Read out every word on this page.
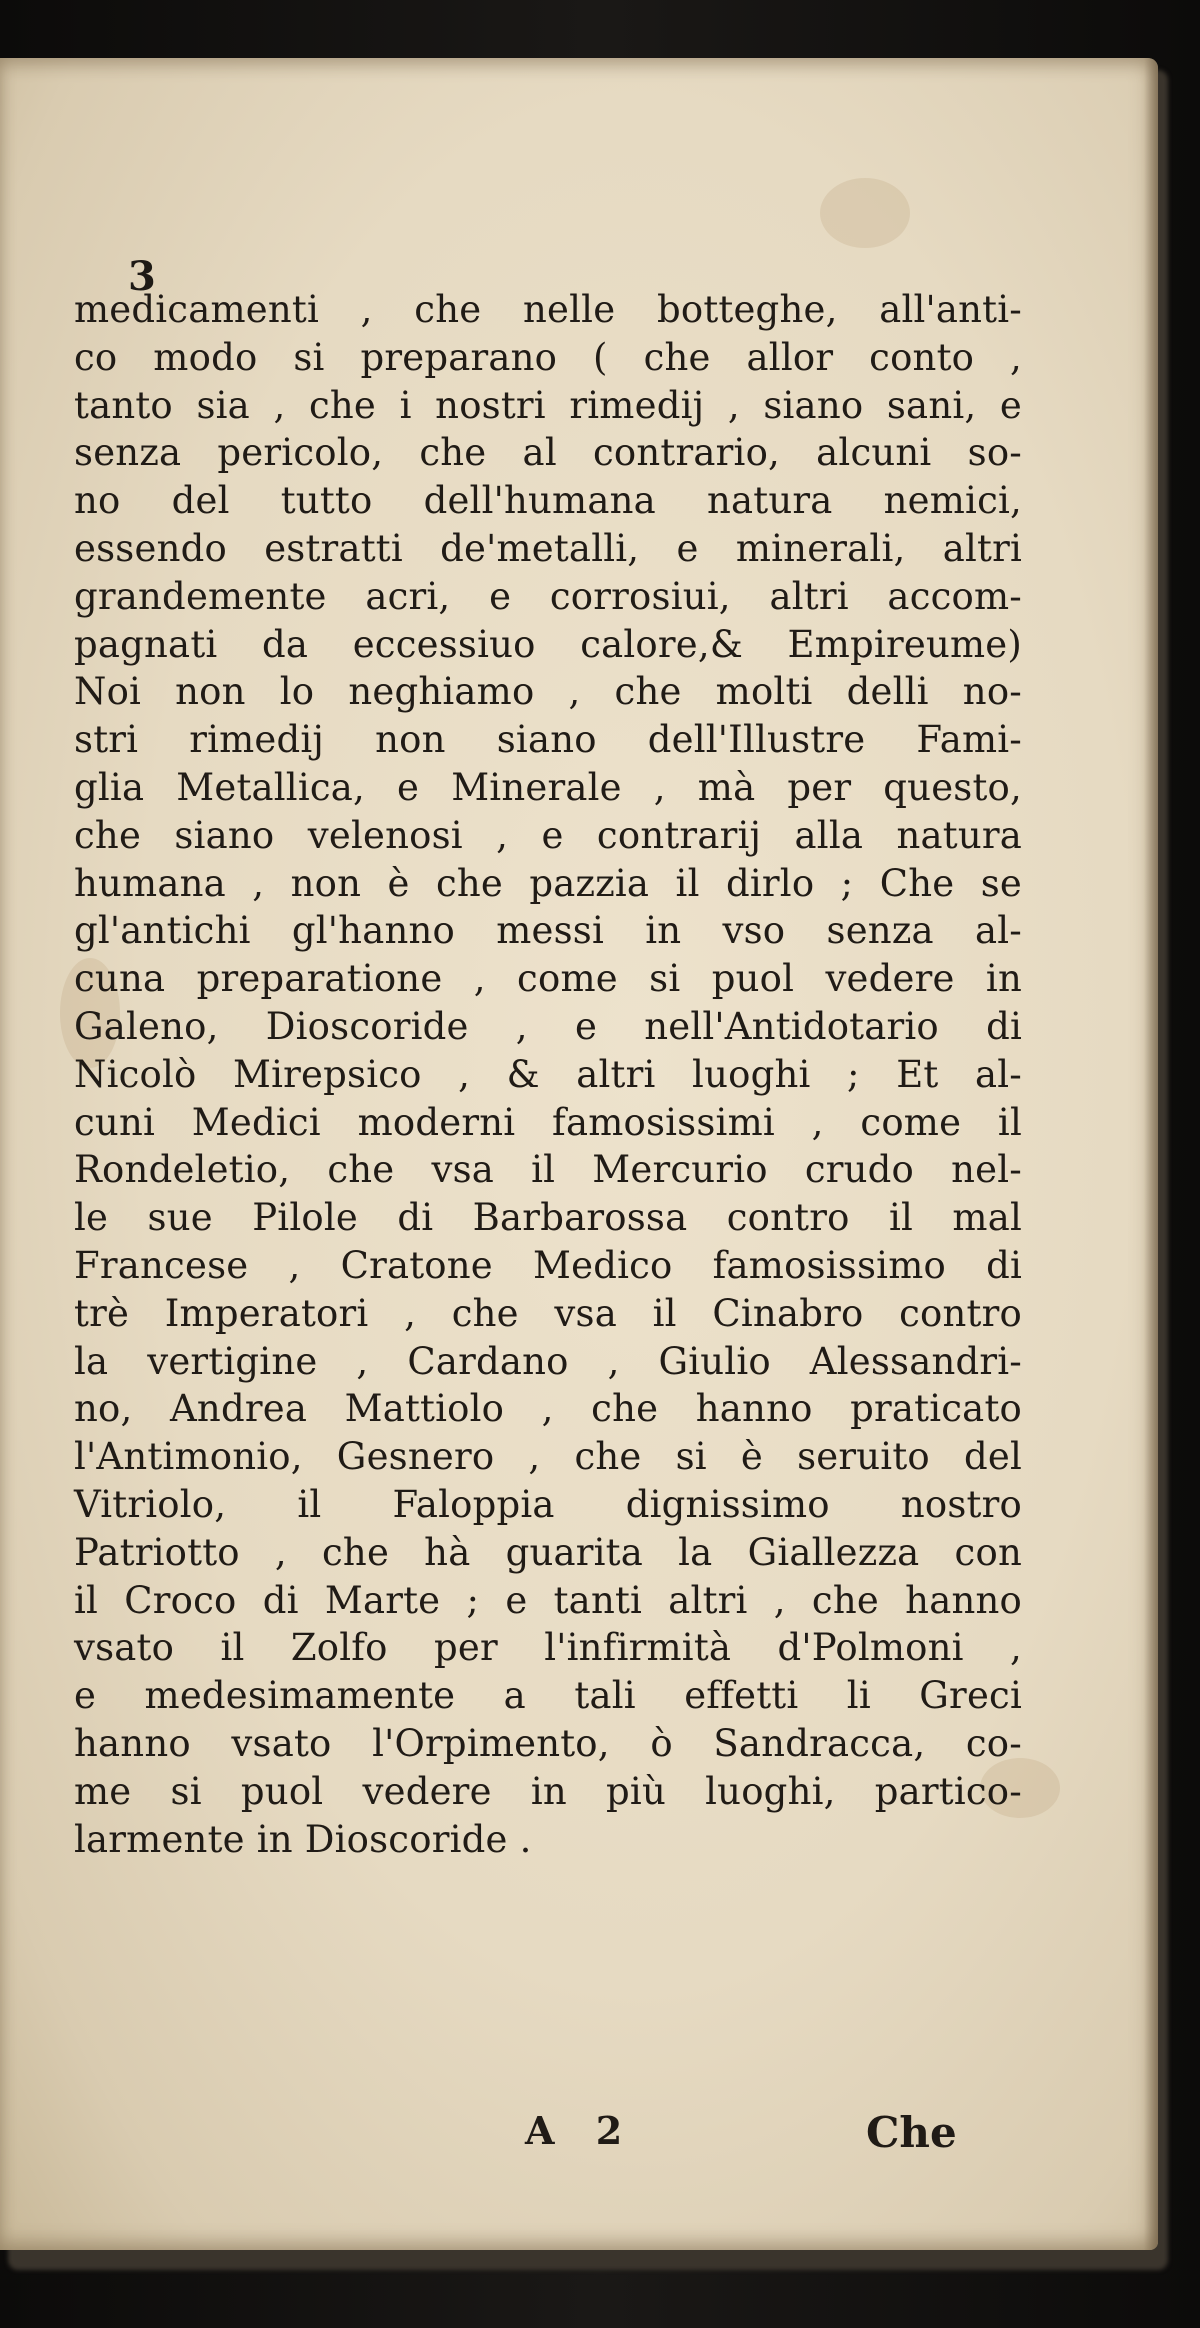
3
medicamenti , che nelle botteghe, all'anti-
co modo si preparano ( che allor conto ,
tanto sia , che i nostri rimedij , siano sani, e
senza pericolo, che al contrario, alcuni so-
no del tutto dell'humana natura nemici,
essendo estratti de'metalli, e minerali, altri
grandemente acri, e corrosiui, altri accom-
pagnati da eccessiuo calore,& Empireume)
Noi non lo neghiamo , che molti delli no-
stri rimedij non siano dell'Illustre Fami-
glia Metallica, e Minerale , mà per questo,
che siano velenosi , e contrarij alla natura
humana , non è che pazzia il dirlo ; Che se
gl'antichi gl'hanno messi in vso senza al-
cuna preparatione , come si puol vedere in
Galeno, Dioscoride , e nell'Antidotario di
Nicolò Mirepsico , & altri luoghi ; Et al-
cuni Medici moderni famosissimi , come il
Rondeletio, che vsa il Mercurio crudo nel-
le sue Pilole di Barbarossa contro il mal
Francese , Cratone Medico famosissimo di
trè Imperatori , che vsa il Cinabro contro
la vertigine , Cardano , Giulio Alessandri-
no, Andrea Mattiolo , che hanno praticato
l'Antimonio, Gesnero , che si è seruito del
Vitriolo, il Faloppia dignissimo nostro
Patriotto , che hà guarita la Giallezza con
il Croco di Marte ; e tanti altri , che hanno
vsato il Zolfo per l'infirmità d'Polmoni ,
e medesimamente a tali effetti li Greci
hanno vsato l'Orpimento, ò Sandracca, co-
me si puol vedere in più luoghi, partico-
larmente in Dioscoride .
A 2	Che
